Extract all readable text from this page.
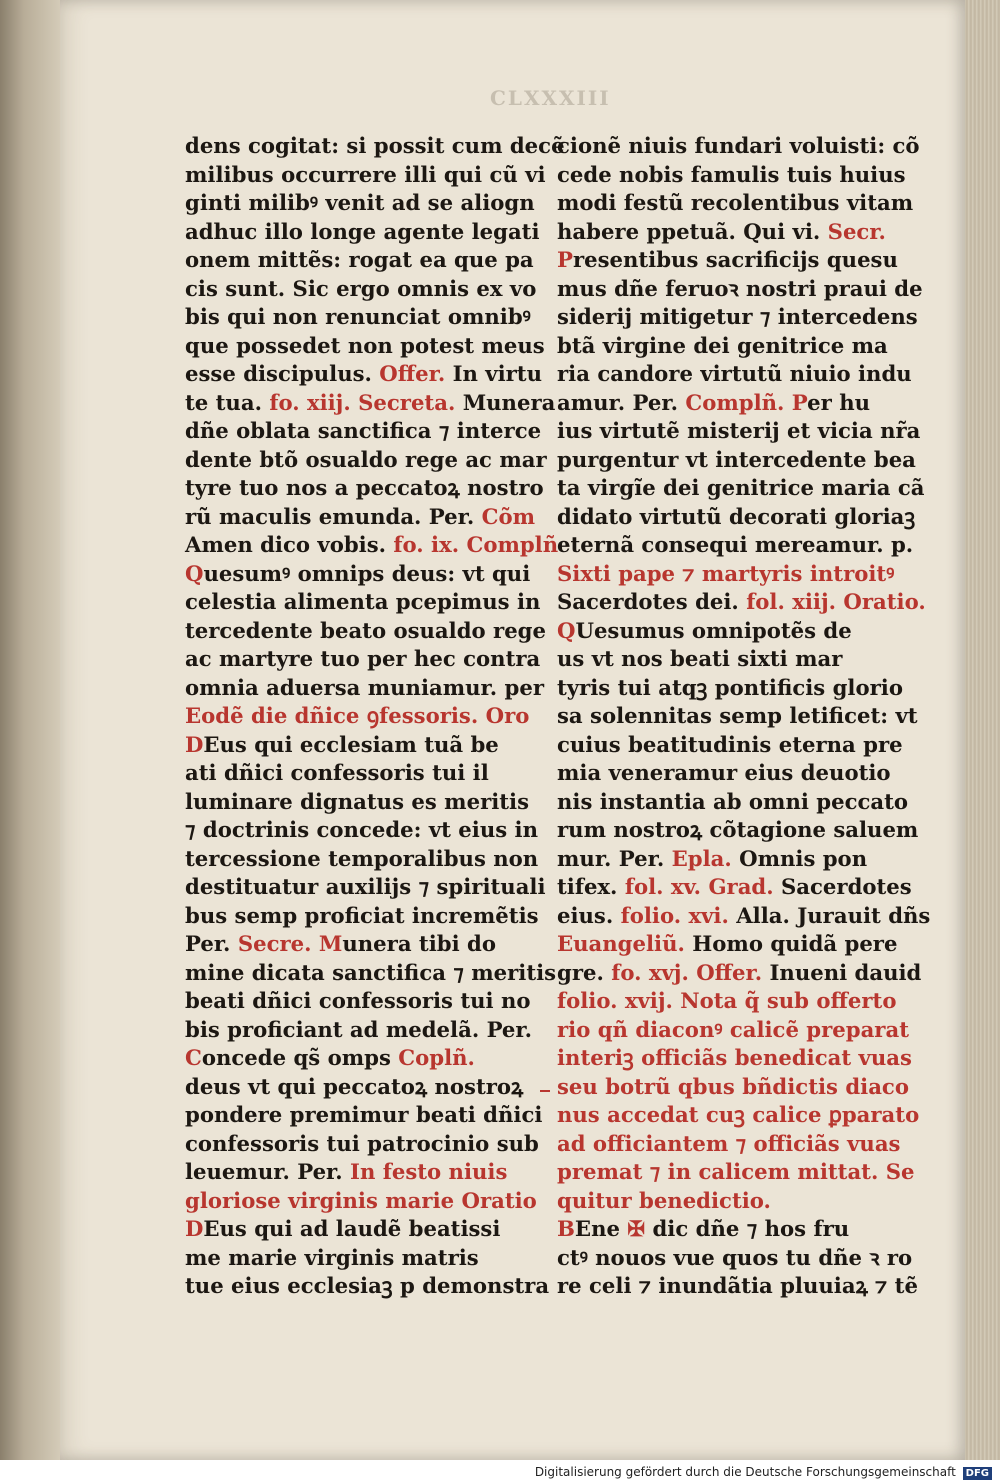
CLXXXIII
dens cogitat: si possit cum decẽ
milibus occurrere illi qui cũ vi
ginti milibꝰ venit ad se aliogn
adhuc illo longe agente legati
onem mittẽs: rogat ea que pa
cis sunt. Sic ergo omnis ex vo
bis qui non renunciat omnibꝰ
que possedet non potest meus
esse discipulus. Offer. In virtu
te tua. fo. xiij. Secreta. Munera
dñe oblata sanctifica ⁊ interce
dente btõ osualdo rege ac mar
tyre tuo nos a peccatoꝝ nostro
rũ maculis emunda. Per. Cõm
Amen dico vobis. fo. ix. Complñ
Quesumꝰ omnips deus: vt qui
celestia alimenta pcepimus in
tercedente beato osualdo rege
ac martyre tuo per hec contra
omnia aduersa muniamur. per
Eodẽ die dñice ꝯfessoris. Oro
DEus qui ecclesiam tuã be
ati dñici confessoris tui il
luminare dignatus es meritis
⁊ doctrinis concede: vt eius in
tercessione temporalibus non
destituatur auxilijs ⁊ spirituali
bus semp proficiat incremẽtis
Per. Secre. Munera tibi do
mine dicata sanctifica ⁊ meritis
beati dñici confessoris tui no
bis proficiant ad medelã. Per.
Concede qs̃ omps Coplñ.
deus vt qui peccatoꝝ nostroꝝ
pondere premimur beati dñici
confessoris tui patrocinio sub
leuemur. Per. In festo niuis
gloriose virginis marie Oratio
DEus qui ad laudẽ beatissi
me marie virginis matris
tue eius ecclesiaꝫ p demonstra
cionẽ niuis fundari voluisti: cõ
cede nobis famulis tuis huius
modi festũ recolentibus vitam
habere ppetuã. Qui vi. Secr.
Presentibus sacrificijs quesu
mus dñe feruoꝛ nostri praui de
siderij mitigetur ⁊ intercedens
btã virgine dei genitrice ma
ria candore virtutũ niuio indu
amur. Per. Complñ. Per hu
ius virtutẽ misterij et vicia nr̃a
purgentur vt intercedente bea
ta virgĩe dei genitrice maria cã
didato virtutũ decorati gloriaꝫ
eternã consequi mereamur. p.
Sixti pape ⁊ martyris introitꝰ
Sacerdotes dei. fol. xiij. Oratio.
QUesumus omnipotẽs de
us vt nos beati sixti mar
tyris tui atqꝫ pontificis glorio
sa solennitas semp letificet: vt
cuius beatitudinis eterna pre
mia veneramur eius deuotio
nis instantia ab omni peccato
rum nostroꝝ cõtagione saluem
mur. Per. Epla. Omnis pon
tifex. fol. xv. Grad. Sacerdotes
eius. folio. xvi. Alla. Jurauit dñs
Euangeliũ. Homo quidã pere
gre. fo. xvj. Offer. Inueni dauid
folio. xvij. Nota q̃ sub offerto
rio qñ diaconꝰ calicẽ preparat
interiꝫ officiãs benedicat vuas
seu botrũ qbus bñdictis diaco
nus accedat cuꝫ calice ꝑparato
ad officiantem ⁊ officiãs vuas
premat ⁊ in calicem mittat. Se
quitur benedictio.
BEne ✠ dic dñe ⁊ hos fru
ctꝰ nouos vue quos tu dñe ꝛ ro
re celi ⁊ inundãtia pluuiaꝝ ⁊ tẽ
Digitalisierung gefördert durch die Deutsche Forschungsgemeinschaft DFG
